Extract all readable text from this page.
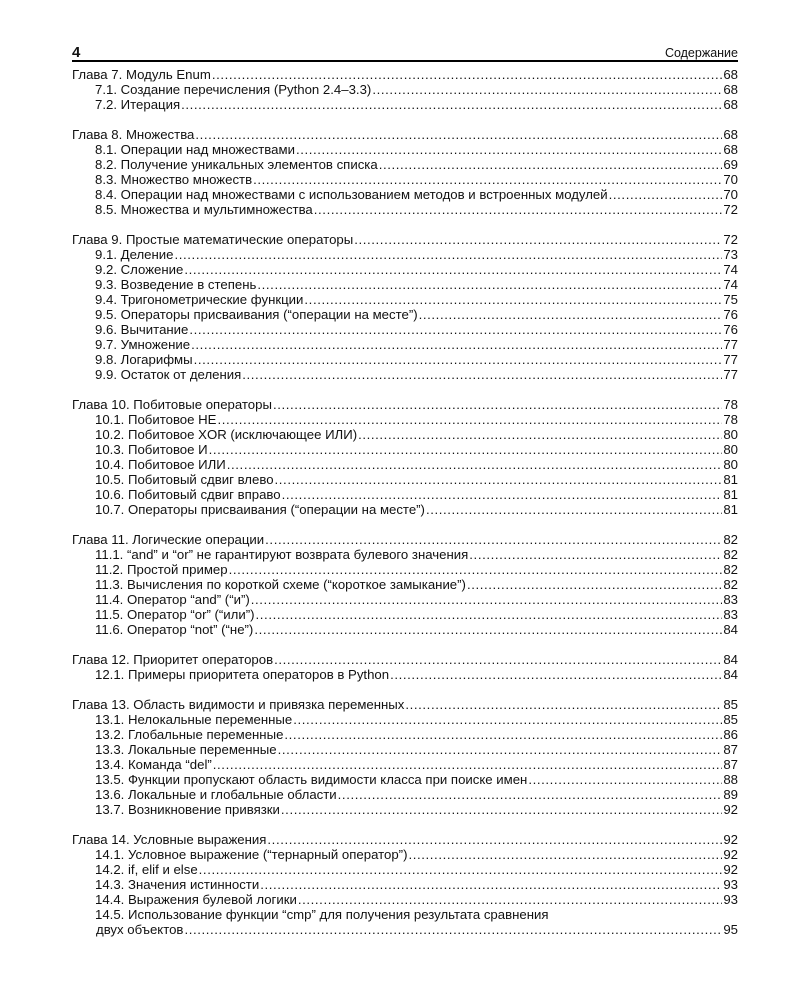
4	Содержание
Глава 7. Модуль Enum .....	68
7.1. Создание перечисления (Python 2.4–3.3) .....	68
7.2. Итерация .....	68
Глава 8. Множества .....	68
8.1. Операции над множествами .....	68
8.2. Получение уникальных элементов списка .....	69
8.3. Множество множеств .....	70
8.4. Операции над множествами с использованием методов и встроенных модулей .....	70
8.5. Множества и мультимножества .....	72
Глава 9. Простые математические операторы .....	72
9.1. Деление .....	73
9.2. Сложение .....	74
9.3. Возведение в степень .....	74
9.4. Тригонометрические функции .....	75
9.5. Операторы присваивания (“операции на месте”) .....	76
9.6. Вычитание .....	76
9.7. Умножение .....	77
9.8. Логарифмы .....	77
9.9. Остаток от деления .....	77
Глава 10. Побитовые операторы .....	78
10.1. Побитовое НЕ .....	78
10.2. Побитовое XOR (исключающее ИЛИ) .....	80
10.3. Побитовое И .....	80
10.4. Побитовое ИЛИ .....	80
10.5. Побитовый сдвиг влево .....	81
10.6. Побитовый сдвиг вправо .....	81
10.7. Операторы присваивания (“операции на месте”) .....	81
Глава 11. Логические операции .....	82
11.1. “and” и “or” не гарантируют возврата булевого значения .....	82
11.2. Простой пример .....	82
11.3. Вычисления по короткой схеме (“короткое замыкание”) .....	82
11.4. Оператор “and” (“и”) .....	83
11.5. Оператор “or” (“или”) .....	83
11.6. Оператор “not” (“не”) .....	84
Глава 12. Приоритет операторов .....	84
12.1. Примеры приоритета операторов в Python .....	84
Глава 13. Область видимости и привязка переменных .....	85
13.1. Нелокальные переменные .....	85
13.2. Глобальные переменные .....	86
13.3. Локальные переменные .....	87
13.4. Команда “del” .....	87
13.5. Функции пропускают область видимости класса при поиске имен .....	88
13.6. Локальные и глобальные области .....	89
13.7. Возникновение привязки .....	92
Глава 14. Условные выражения .....	92
14.1. Условное выражение (“тернарный оператор”) .....	92
14.2. if, elif и else .....	92
14.3. Значения истинности .....	93
14.4. Выражения булевой логики .....	93
14.5. Использование функции “cmp” для получения результата сравнения
двух объектов .....	95
